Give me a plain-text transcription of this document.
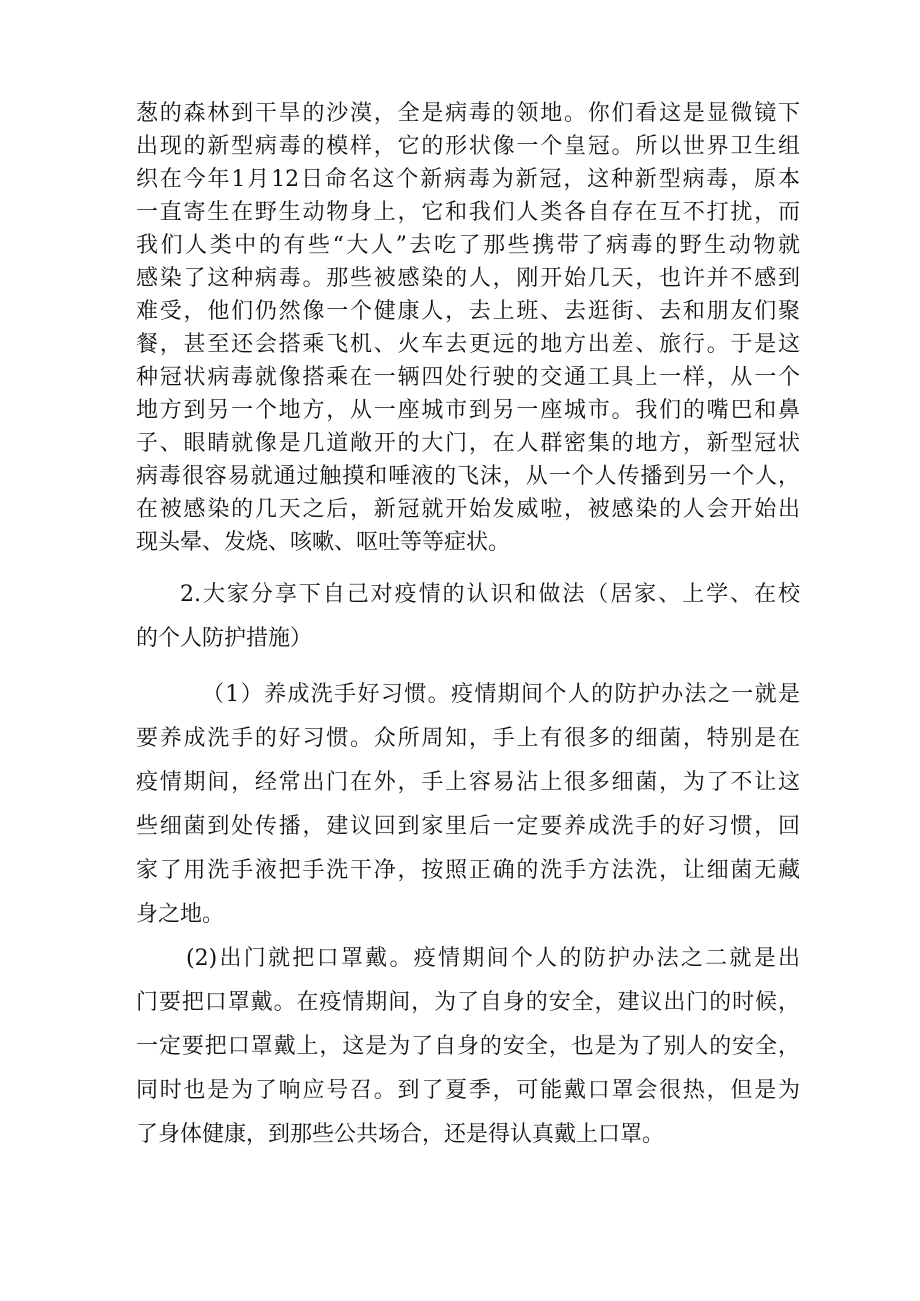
葱的森林到干旱的沙漠，全是病毒的领地。你们看这是显微镜下
出现的新型病毒的模样，它的形状像一个皇冠。所以世界卫生组
织在今年1月12日命名这个新病毒为新冠，这种新型病毒，原本
一直寄生在野生动物身上，它和我们人类各自存在互不打扰，而
我们人类中的有些“大人”去吃了那些携带了病毒的野生动物就
感染了这种病毒。那些被感染的人，刚开始几天，也许并不感到
难受，他们仍然像一个健康人，去上班、去逛街、去和朋友们聚
餐，甚至还会搭乘飞机、火车去更远的地方出差、旅行。于是这
种冠状病毒就像搭乘在一辆四处行驶的交通工具上一样，从一个
地方到另一个地方，从一座城市到另一座城市。我们的嘴巴和鼻
子、眼睛就像是几道敞开的大门，在人群密集的地方，新型冠状
病毒很容易就通过触摸和唾液的飞沫，从一个人传播到另一个人，
在被感染的几天之后，新冠就开始发威啦，被感染的人会开始出
现头晕、发烧、咳嗽、呕吐等等症状。
2.大家分享下自己对疫情的认识和做法（居家、上学、在校
的个人防护措施）
（1）养成洗手好习惯。疫情期间个人的防护办法之一就是
要养成洗手的好习惯。众所周知，手上有很多的细菌，特别是在
疫情期间，经常出门在外，手上容易沾上很多细菌，为了不让这
些细菌到处传播，建议回到家里后一定要养成洗手的好习惯，回
家了用洗手液把手洗干净，按照正确的洗手方法洗，让细菌无藏
身之地。
(2)出门就把口罩戴。疫情期间个人的防护办法之二就是出
门要把口罩戴。在疫情期间，为了自身的安全，建议出门的时候，
一定要把口罩戴上，这是为了自身的安全，也是为了别人的安全，
同时也是为了响应号召。到了夏季，可能戴口罩会很热，但是为
了身体健康，到那些公共场合，还是得认真戴上口罩。
